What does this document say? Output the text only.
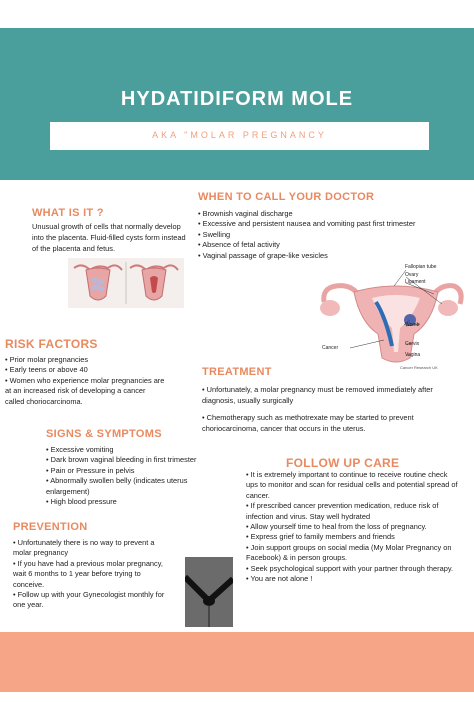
HYDATIDIFORM MOLE
AKA "MOLAR PREGNANCY
WHAT IS IT ?
Unusual growth of cells that normally develop into the placenta. Fluid-filled cysts form instead of the placenta and fetus.
WHEN TO CALL YOUR DOCTOR
• Brownish vaginal discharge
• Excessive and persistent nausea and vomiting past first trimester
• Swelling
• Absence of fetal activity
• Vaginal passage of grape-like vesicles
Fallopian tube
Ovary
Ligament
Womb
Cervix
Vagina
Cancer
Cancer Research UK
RISK FACTORS
• Prior molar pregnancies
• Early teens or above 40
• Women who experience molar pregnancies are
at an increased risk of developing a cancer
called choriocarcinoma.
TREATMENT
• Unfortunately, a molar pregnancy must be removed immediately after diagnosis, usually surgically
• Chemotherapy such as methotrexate may be started to prevent choriocarcinoma, cancer that occurs in the uterus.
SIGNS & SYMPTOMS
• Excessive vomiting
• Dark brown vaginal bleeding in first trimester
• Pain or Pressure in pelvis
• Abnormally swollen belly (indicates uterus enlargement)
• High blood pressure
FOLLOW UP CARE
• It is extremely important to continue to receive routine check ups to monitor and scan for residual cells and potential spread of cancer.
• If prescribed cancer prevention medication, reduce risk of infection and virus. Stay well hydrated
• Allow yourself time to heal from the loss of pregnancy.
• Express grief to family members and friends
• Join support groups on social media (My Molar Pregnancy on Facebook) & in person groups.
• Seek psychological support with your partner through therapy.
• You are not alone !
PREVENTION
• Unfortunately there is no way to prevent a molar pregnancy
• If you have had a previous molar pregnancy, wait 6 months to 1 year before trying to conceive.
• Follow up with your Gynecologist monthly for one year.
